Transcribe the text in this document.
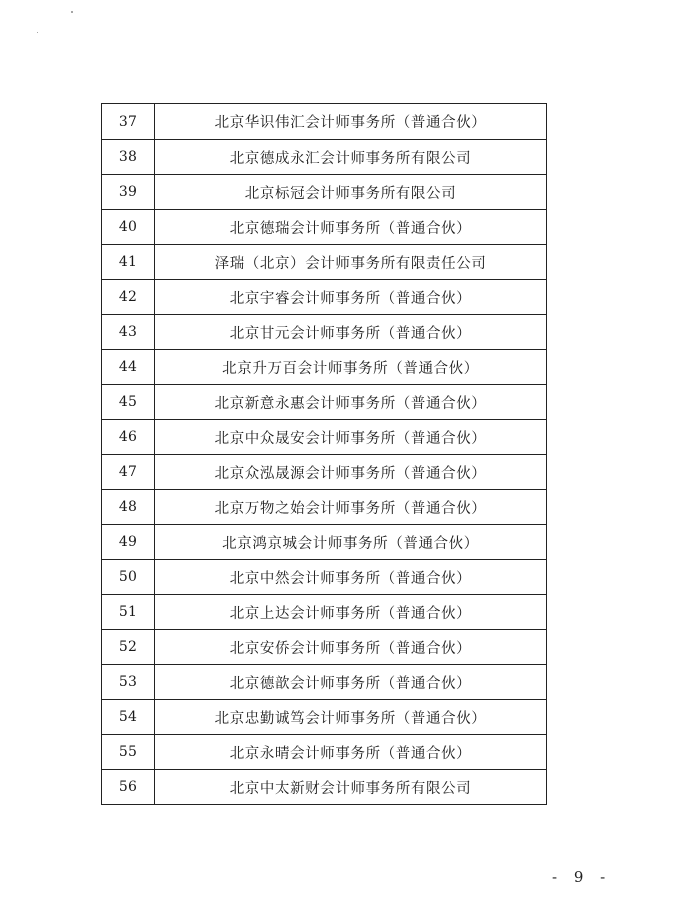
37	北京华识伟汇会计师事务所（普通合伙）
38	北京德成永汇会计师事务所有限公司
39	北京标冠会计师事务所有限公司
40	北京德瑞会计师事务所（普通合伙）
41	泽瑞（北京）会计师事务所有限责任公司
42	北京宇睿会计师事务所（普通合伙）
43	北京甘元会计师事务所（普通合伙）
44	北京升万百会计师事务所（普通合伙）
45	北京新意永惠会计师事务所（普通合伙）
46	北京中众晟安会计师事务所（普通合伙）
47	北京众泓晟源会计师事务所（普通合伙）
48	北京万物之始会计师事务所（普通合伙）
49	北京鸿京城会计师事务所（普通合伙）
50	北京中然会计师事务所（普通合伙）
51	北京上达会计师事务所（普通合伙）
52	北京安侨会计师事务所（普通合伙）
53	北京德歆会计师事务所（普通合伙）
54	北京忠勤诚笃会计师事务所（普通合伙）
55	北京永晴会计师事务所（普通合伙）
56	北京中太新财会计师事务所有限公司
- 9 -
